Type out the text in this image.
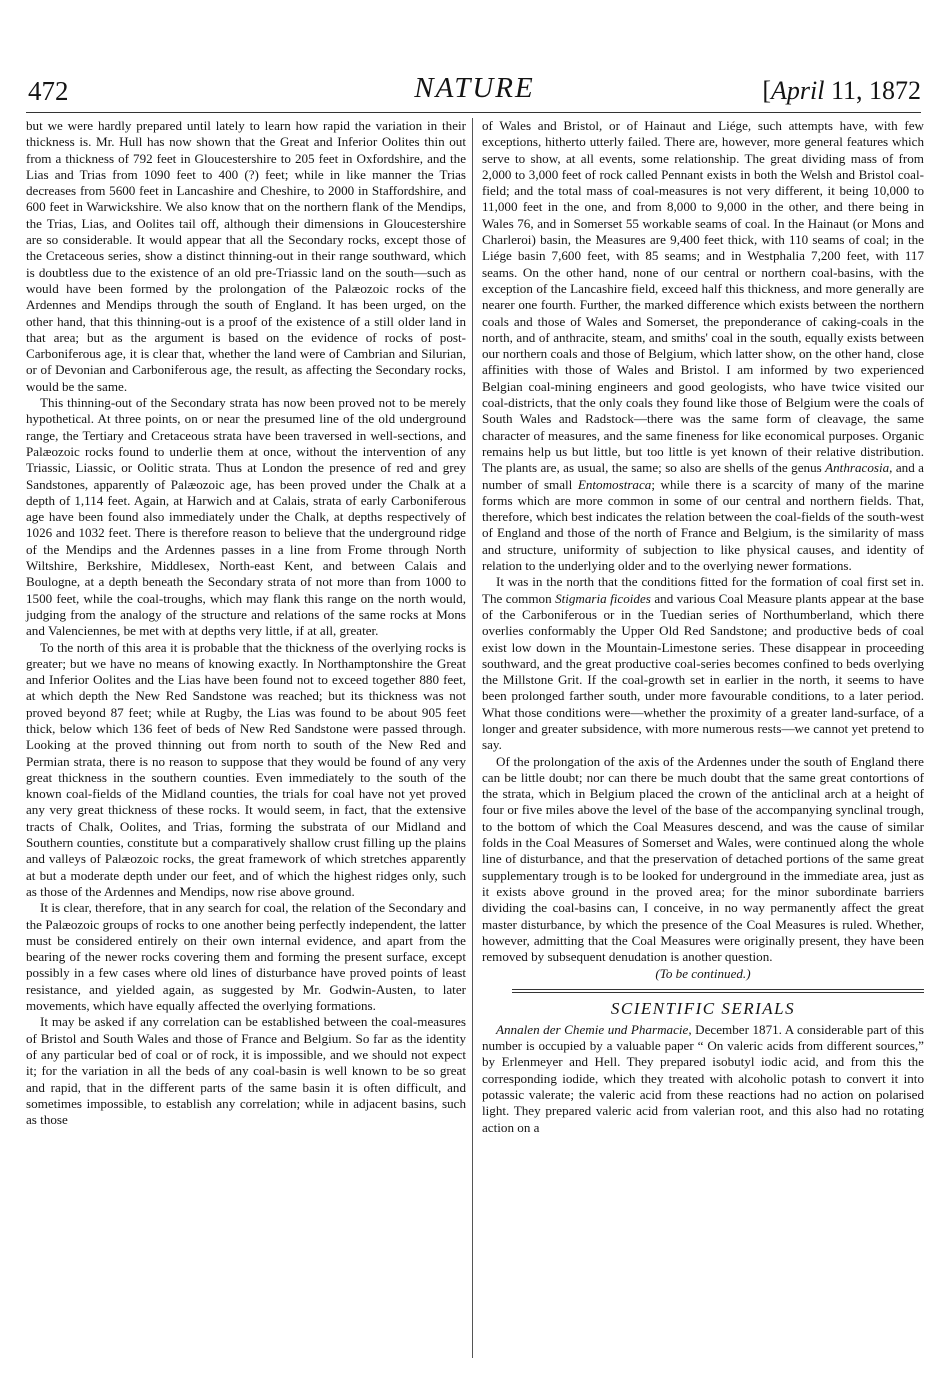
472	NATURE	[April 11, 1872

but we were hardly prepared until lately to learn how rapid the variation in their thickness is. Mr. Hull has now shown that the Great and Inferior Oolites thin out from a thickness of 792 feet in Gloucestershire to 205 feet in Oxfordshire, and the Lias and Trias from 1090 feet to 400 (?) feet; while in like manner the Trias decreases from 5600 feet in Lancashire and Cheshire, to 2000 in Staffordshire, and 600 feet in Warwickshire. We also know that on the northern flank of the Mendips, the Trias, Lias, and Oolites tail off, although their dimensions in Gloucestershire are so considerable. It would appear that all the Secondary rocks, except those of the Cretaceous series, show a distinct thinning-out in their range southward, which is doubtless due to the existence of an old pre-Triassic land on the south—such as would have been formed by the prolongation of the Palæozoic rocks of the Ardennes and Mendips through the south of England. It has been urged, on the other hand, that this thinning-out is a proof of the existence of a still older land in that area; but as the argument is based on the evidence of rocks of post-Carboniferous age, it is clear that, whether the land were of Cambrian and Silurian, or of Devonian and Carboniferous age, the result, as affecting the Secondary rocks, would be the same.

This thinning-out of the Secondary strata has now been proved not to be merely hypothetical. At three points, on or near the presumed line of the old underground range, the Tertiary and Cretaceous strata have been traversed in well-sections, and Palæozoic rocks found to underlie them at once, without the intervention of any Triassic, Liassic, or Oolitic strata. Thus at London the presence of red and grey Sandstones, apparently of Palæozoic age, has been proved under the Chalk at a depth of 1,114 feet. Again, at Harwich and at Calais, strata of early Carboniferous age have been found also immediately under the Chalk, at depths respectively of 1026 and 1032 feet. There is therefore reason to believe that the underground ridge of the Mendips and the Ardennes passes in a line from Frome through North Wiltshire, Berkshire, Middlesex, North-east Kent, and between Calais and Boulogne, at a depth beneath the Secondary strata of not more than from 1000 to 1500 feet, while the coal-troughs, which may flank this range on the north would, judging from the analogy of the structure and relations of the same rocks at Mons and Valenciennes, be met with at depths very little, if at all, greater.

To the north of this area it is probable that the thickness of the overlying rocks is greater; but we have no means of knowing exactly. In Northamptonshire the Great and Inferior Oolites and the Lias have been found not to exceed together 880 feet, at which depth the New Red Sandstone was reached; but its thickness was not proved beyond 87 feet; while at Rugby, the Lias was found to be about 905 feet thick, below which 136 feet of beds of New Red Sandstone were passed through. Looking at the proved thinning out from north to south of the New Red and Permian strata, there is no reason to suppose that they would be found of any very great thickness in the southern counties. Even immediately to the south of the known coal-fields of the Midland counties, the trials for coal have not yet proved any very great thickness of these rocks. It would seem, in fact, that the extensive tracts of Chalk, Oolites, and Trias, forming the substrata of our Midland and Southern counties, constitute but a comparatively shallow crust filling up the plains and valleys of Palæozoic rocks, the great framework of which stretches apparently at but a moderate depth under our feet, and of which the highest ridges only, such as those of the Ardennes and Mendips, now rise above ground.

It is clear, therefore, that in any search for coal, the relation of the Secondary and the Palæozoic groups of rocks to one another being perfectly independent, the latter must be considered entirely on their own internal evidence, and apart from the bearing of the newer rocks covering them and forming the present surface, except possibly in a few cases where old lines of disturbance have proved points of least resistance, and yielded again, as suggested by Mr. Godwin-Austen, to later movements, which have equally affected the overlying formations.

It may be asked if any correlation can be established between the coal-measures of Bristol and South Wales and those of France and Belgium. So far as the identity of any particular bed of coal or of rock, it is impossible, and we should not expect it; for the variation in all the beds of any coal-basin is well known to be so great and rapid, that in the different parts of the same basin it is often difficult, and sometimes impossible, to establish any correlation; while in adjacent basins, such as those

of Wales and Bristol, or of Hainaut and Liége, such attempts have, with few exceptions, hitherto utterly failed. There are, however, more general features which serve to show, at all events, some relationship. The great dividing mass of from 2,000 to 3,000 feet of rock called Pennant exists in both the Welsh and Bristol coal-field; and the total mass of coal-measures is not very different, it being 10,000 to 11,000 feet in the one, and from 8,000 to 9,000 in the other, and there being in Wales 76, and in Somerset 55 workable seams of coal. In the Hainaut (or Mons and Charleroi) basin, the Measures are 9,400 feet thick, with 110 seams of coal; in the Liége basin 7,600 feet, with 85 seams; and in Westphalia 7,200 feet, with 117 seams. On the other hand, none of our central or northern coal-basins, with the exception of the Lancashire field, exceed half this thickness, and more generally are nearer one fourth. Further, the marked difference which exists between the northern coals and those of Wales and Somerset, the preponderance of caking-coals in the north, and of anthracite, steam, and smiths' coal in the south, equally exists between our northern coals and those of Belgium, which latter show, on the other hand, close affinities with those of Wales and Bristol. I am informed by two experienced Belgian coal-mining engineers and good geologists, who have twice visited our coal-districts, that the only coals they found like those of Belgium were the coals of South Wales and Radstock—there was the same form of cleavage, the same character of measures, and the same fineness for like economical purposes. Organic remains help us but little, but too little is yet known of their relative distribution. The plants are, as usual, the same; so also are shells of the genus Anthracosia, and a number of small Entomostraca; while there is a scarcity of many of the marine forms which are more common in some of our central and northern fields. That, therefore, which best indicates the relation between the coal-fields of the south-west of England and those of the north of France and Belgium, is the similarity of mass and structure, uniformity of subjection to like physical causes, and identity of relation to the underlying older and to the overlying newer formations.

It was in the north that the conditions fitted for the formation of coal first set in. The common Stigmaria ficoides and various Coal Measure plants appear at the base of the Carboniferous or in the Tuedian series of Northumberland, which there overlies conformably the Upper Old Red Sandstone; and productive beds of coal exist low down in the Mountain-Limestone series. These disappear in proceeding southward, and the great productive coal-series becomes confined to beds overlying the Millstone Grit. If the coal-growth set in earlier in the north, it seems to have been prolonged farther south, under more favourable conditions, to a later period. What those conditions were—whether the proximity of a greater land-surface, of a longer and greater subsidence, with more numerous rests—we cannot yet pretend to say.

Of the prolongation of the axis of the Ardennes under the south of England there can be little doubt; nor can there be much doubt that the same great contortions of the strata, which in Belgium placed the crown of the anticlinal arch at a height of four or five miles above the level of the base of the accompanying synclinal trough, to the bottom of which the Coal Measures descend, and was the cause of similar folds in the Coal Measures of Somerset and Wales, were continued along the whole line of disturbance, and that the preservation of detached portions of the same great supplementary trough is to be looked for underground in the immediate area, just as it exists above ground in the proved area; for the minor subordinate barriers dividing the coal-basins can, I conceive, in no way permanently affect the great master disturbance, by which the presence of the Coal Measures is ruled. Whether, however, admitting that the Coal Measures were originally present, they have been removed by subsequent denudation is another question.

(To be continued.)
SCIENTIFIC SERIALS

Annalen der Chemie und Pharmacie, December 1871. A considerable part of this number is occupied by a valuable paper “ On valeric acids from different sources,” by Erlenmeyer and Hell. They prepared isobutyl iodic acid, and from this the corresponding iodide, which they treated with alcoholic potash to convert it into potassic valerate; the valeric acid from these reactions had no action on polarised light. They prepared valeric acid from valerian root, and this also had no rotating action on a
